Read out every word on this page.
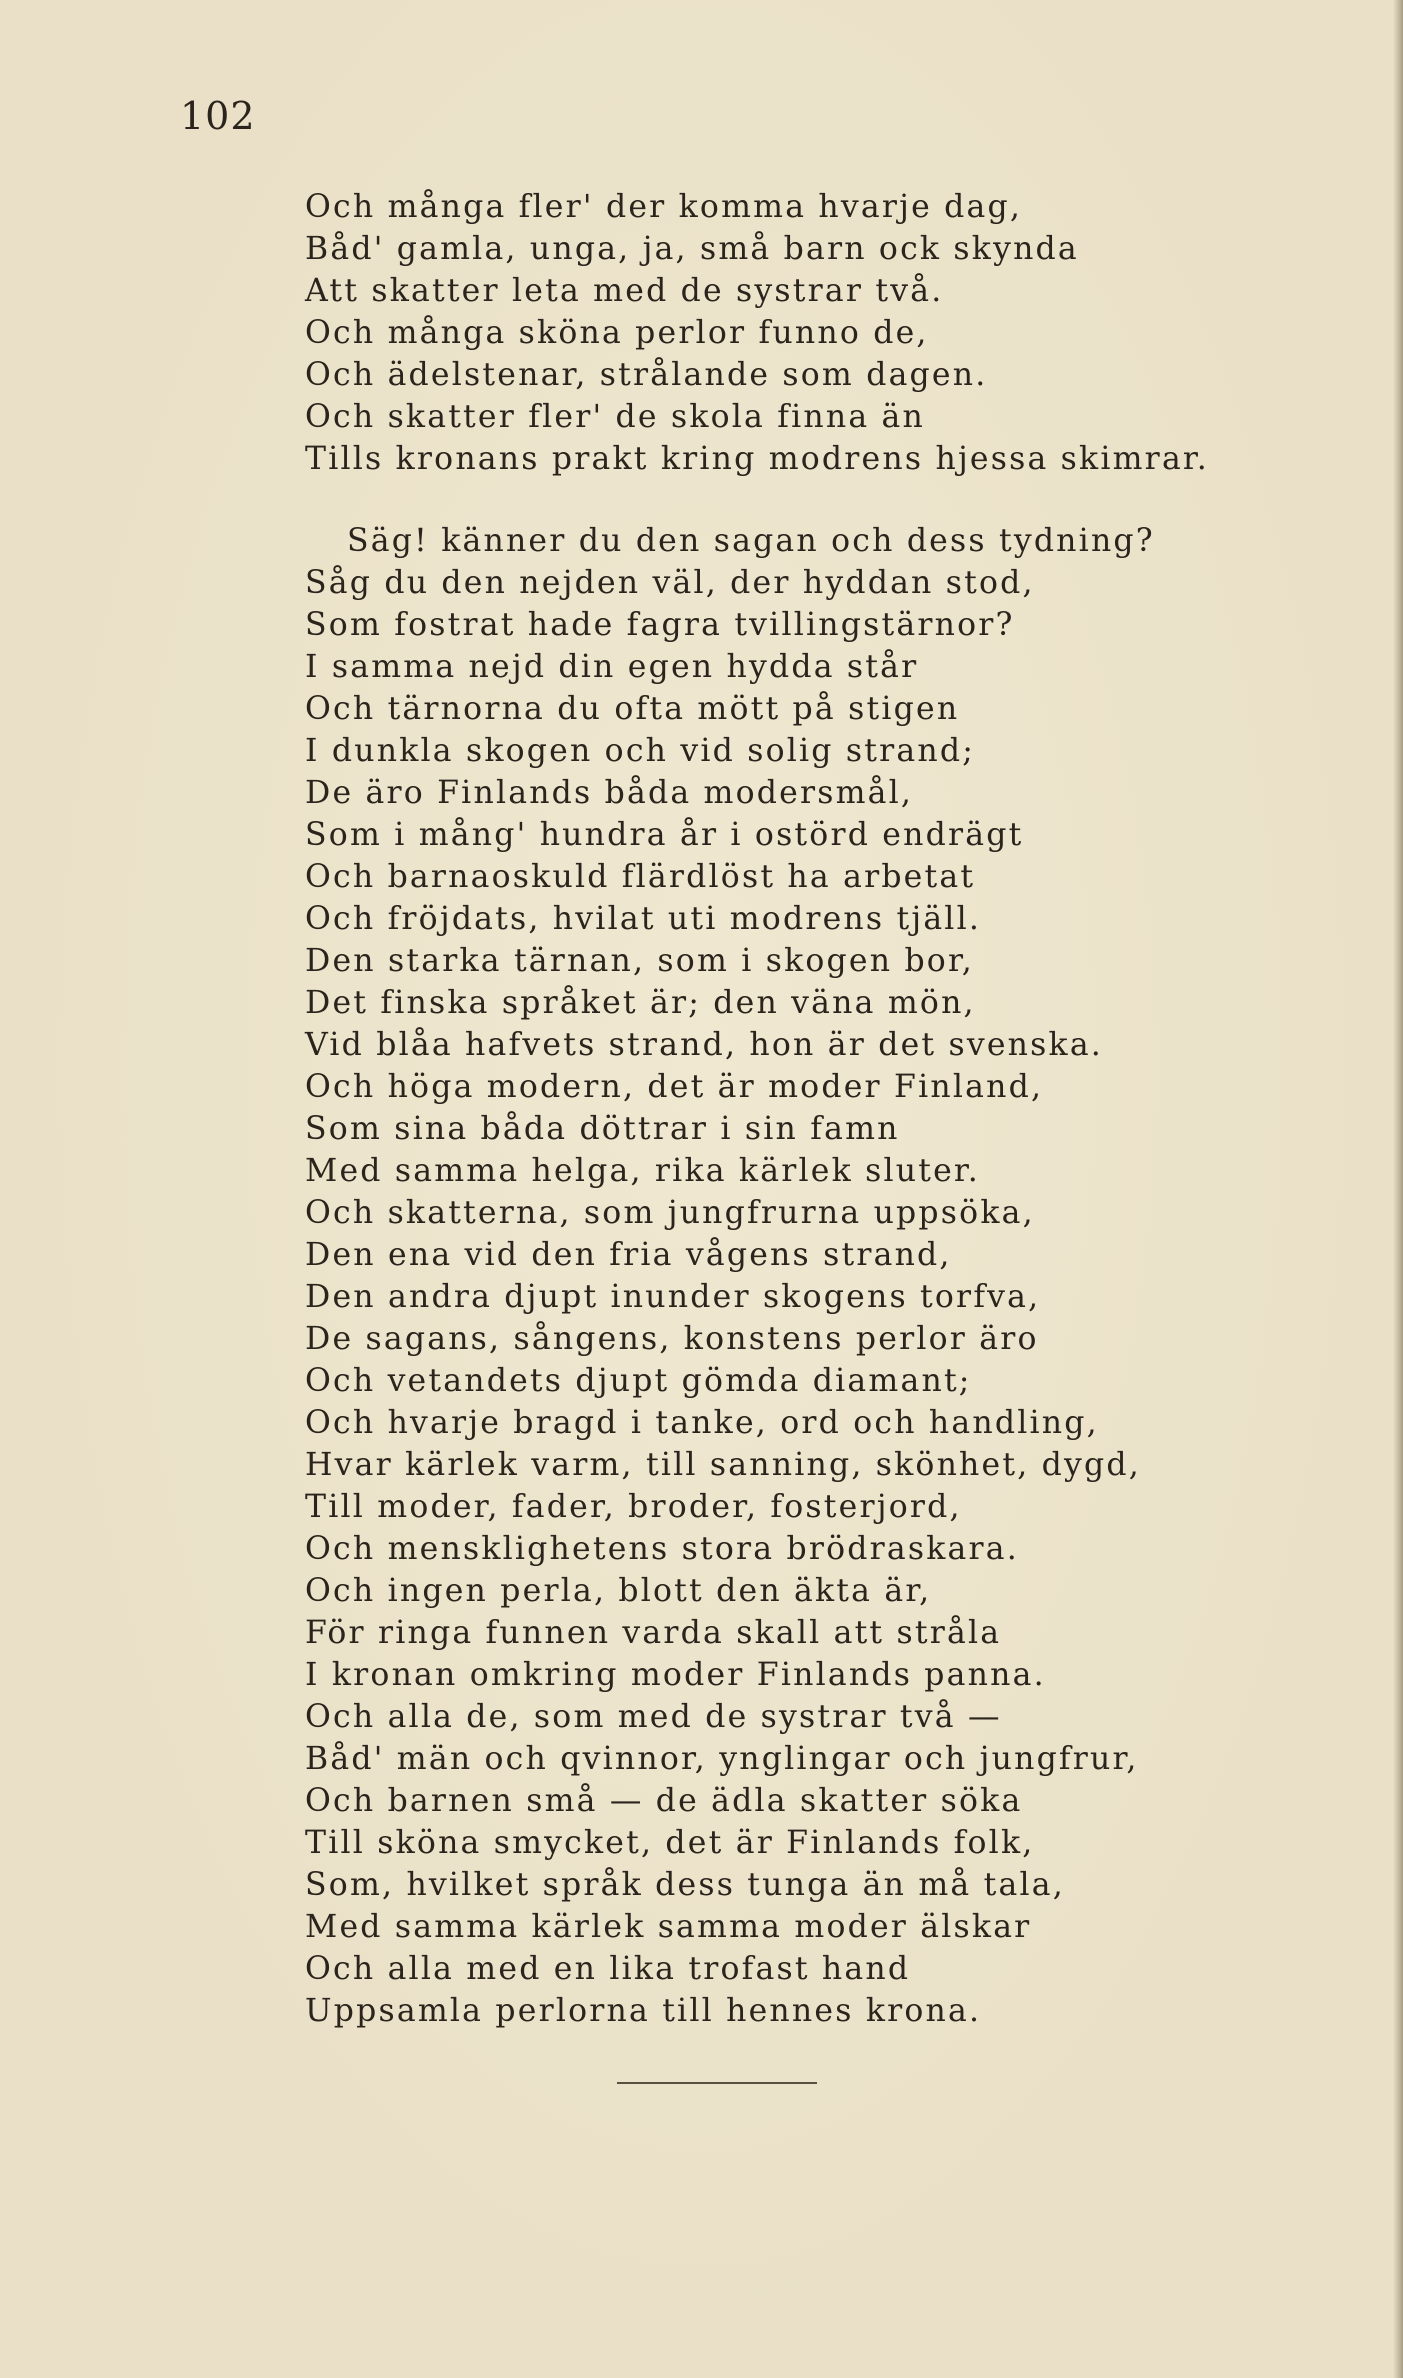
102
Och många fler' der komma hvarje dag,
Båd' gamla, unga, ja, små barn ock skynda
Att skatter leta med de systrar två.
Och många sköna perlor funno de,
Och ädelstenar, strålande som dagen.
Och skatter fler' de skola finna än
Tills kronans prakt kring modrens hjessa skimrar.
Säg! känner du den sagan och dess tydning?
Såg du den nejden väl, der hyddan stod,
Som fostrat hade fagra tvillingstärnor?
I samma nejd din egen hydda står
Och tärnorna du ofta mött på stigen
I dunkla skogen och vid solig strand;
De äro Finlands båda modersmål,
Som i mång' hundra år i ostörd endrägt
Och barnaoskuld flärdlöst ha arbetat
Och fröjdats, hvilat uti modrens tjäll.
Den starka tärnan, som i skogen bor,
Det finska språket är; den väna mön,
Vid blåa hafvets strand, hon är det svenska.
Och höga modern, det är moder Finland,
Som sina båda döttrar i sin famn
Med samma helga, rika kärlek sluter.
Och skatterna, som jungfrurna uppsöka,
Den ena vid den fria vågens strand,
Den andra djupt inunder skogens torfva,
De sagans, sångens, konstens perlor äro
Och vetandets djupt gömda diamant;
Och hvarje bragd i tanke, ord och handling,
Hvar kärlek varm, till sanning, skönhet, dygd,
Till moder, fader, broder, fosterjord,
Och mensklighetens stora brödraskara.
Och ingen perla, blott den äkta är,
För ringa funnen varda skall att stråla
I kronan omkring moder Finlands panna.
Och alla de, som med de systrar två —
Båd' män och qvinnor, ynglingar och jungfrur,
Och barnen små — de ädla skatter söka
Till sköna smycket, det är Finlands folk,
Som, hvilket språk dess tunga än må tala,
Med samma kärlek samma moder älskar
Och alla med en lika trofast hand
Uppsamla perlorna till hennes krona.
